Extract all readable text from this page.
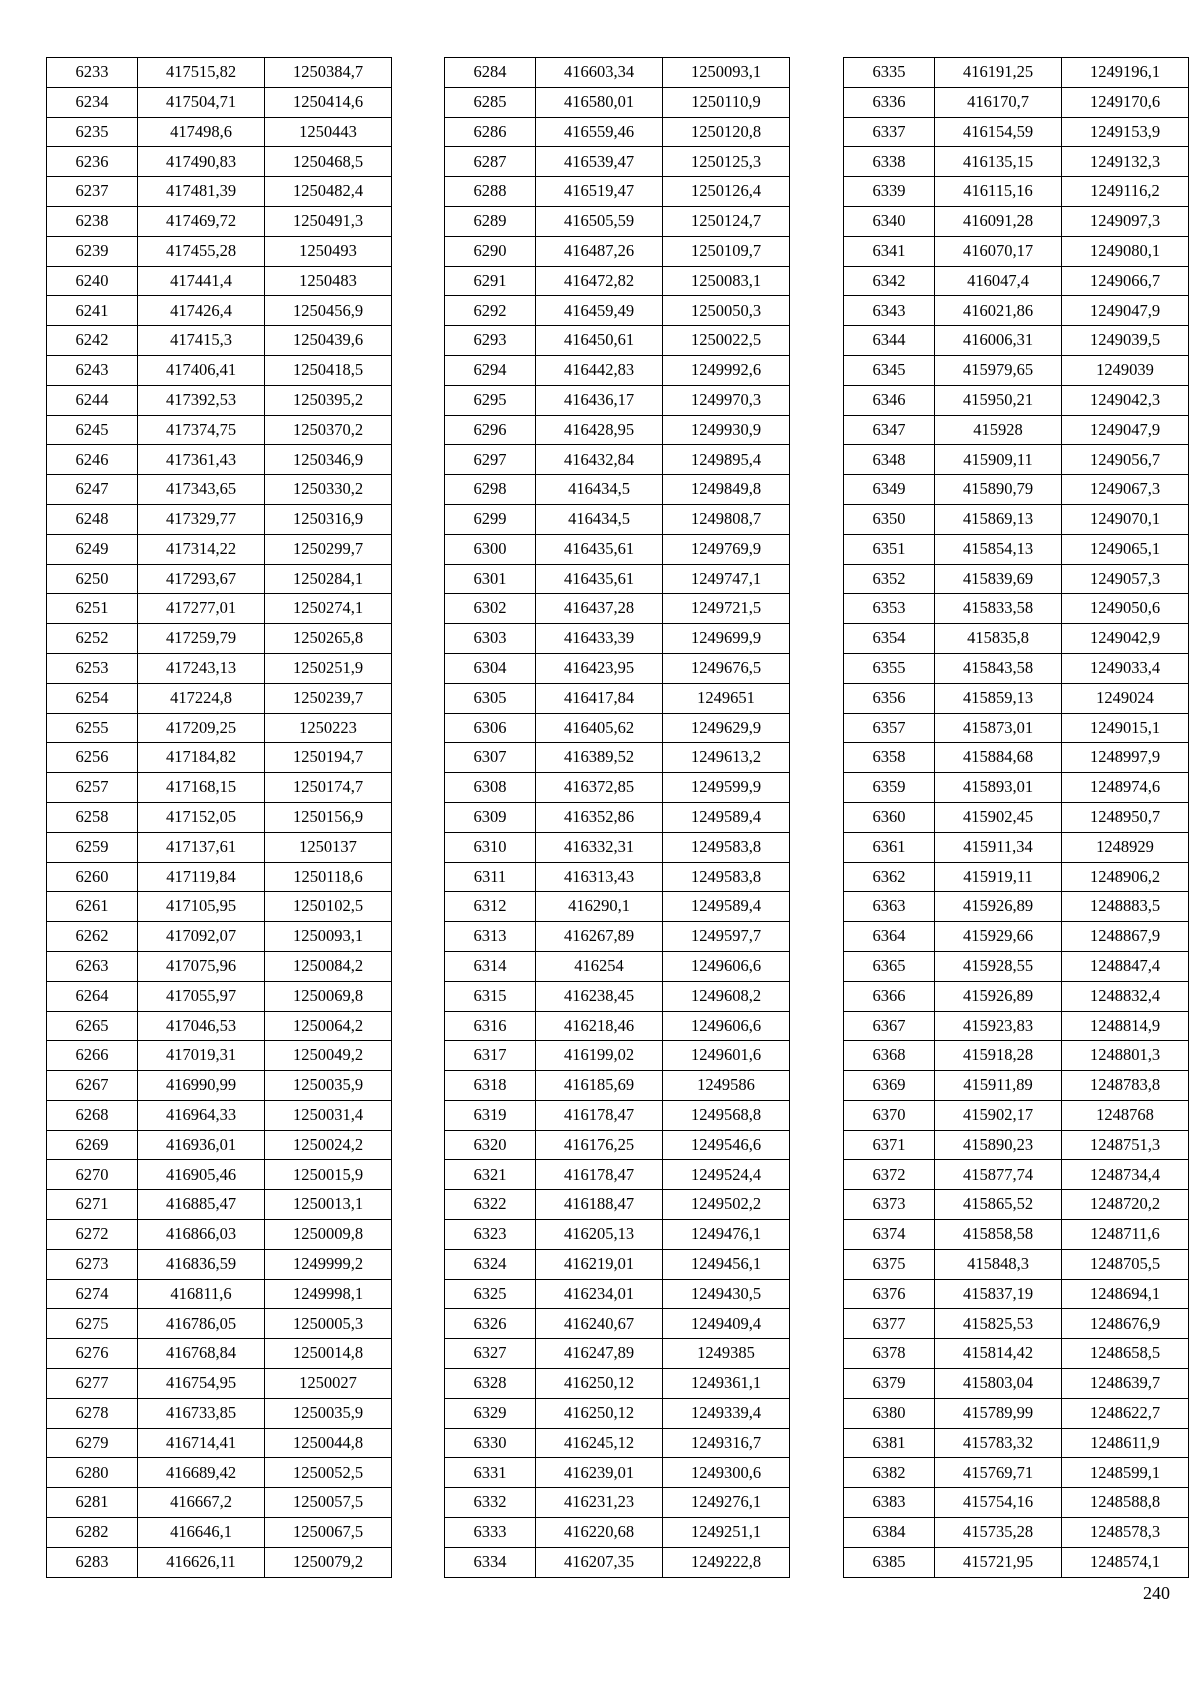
6233	417515,82	1250384,7
6234	417504,71	1250414,6
6235	417498,6	1250443
6236	417490,83	1250468,5
6237	417481,39	1250482,4
6238	417469,72	1250491,3
6239	417455,28	1250493
6240	417441,4	1250483
6241	417426,4	1250456,9
6242	417415,3	1250439,6
6243	417406,41	1250418,5
6244	417392,53	1250395,2
6245	417374,75	1250370,2
6246	417361,43	1250346,9
6247	417343,65	1250330,2
6248	417329,77	1250316,9
6249	417314,22	1250299,7
6250	417293,67	1250284,1
6251	417277,01	1250274,1
6252	417259,79	1250265,8
6253	417243,13	1250251,9
6254	417224,8	1250239,7
6255	417209,25	1250223
6256	417184,82	1250194,7
6257	417168,15	1250174,7
6258	417152,05	1250156,9
6259	417137,61	1250137
6260	417119,84	1250118,6
6261	417105,95	1250102,5
6262	417092,07	1250093,1
6263	417075,96	1250084,2
6264	417055,97	1250069,8
6265	417046,53	1250064,2
6266	417019,31	1250049,2
6267	416990,99	1250035,9
6268	416964,33	1250031,4
6269	416936,01	1250024,2
6270	416905,46	1250015,9
6271	416885,47	1250013,1
6272	416866,03	1250009,8
6273	416836,59	1249999,2
6274	416811,6	1249998,1
6275	416786,05	1250005,3
6276	416768,84	1250014,8
6277	416754,95	1250027
6278	416733,85	1250035,9
6279	416714,41	1250044,8
6280	416689,42	1250052,5
6281	416667,2	1250057,5
6282	416646,1	1250067,5
6283	416626,11	1250079,2
6284	416603,34	1250093,1
6285	416580,01	1250110,9
6286	416559,46	1250120,8
6287	416539,47	1250125,3
6288	416519,47	1250126,4
6289	416505,59	1250124,7
6290	416487,26	1250109,7
6291	416472,82	1250083,1
6292	416459,49	1250050,3
6293	416450,61	1250022,5
6294	416442,83	1249992,6
6295	416436,17	1249970,3
6296	416428,95	1249930,9
6297	416432,84	1249895,4
6298	416434,5	1249849,8
6299	416434,5	1249808,7
6300	416435,61	1249769,9
6301	416435,61	1249747,1
6302	416437,28	1249721,5
6303	416433,39	1249699,9
6304	416423,95	1249676,5
6305	416417,84	1249651
6306	416405,62	1249629,9
6307	416389,52	1249613,2
6308	416372,85	1249599,9
6309	416352,86	1249589,4
6310	416332,31	1249583,8
6311	416313,43	1249583,8
6312	416290,1	1249589,4
6313	416267,89	1249597,7
6314	416254	1249606,6
6315	416238,45	1249608,2
6316	416218,46	1249606,6
6317	416199,02	1249601,6
6318	416185,69	1249586
6319	416178,47	1249568,8
6320	416176,25	1249546,6
6321	416178,47	1249524,4
6322	416188,47	1249502,2
6323	416205,13	1249476,1
6324	416219,01	1249456,1
6325	416234,01	1249430,5
6326	416240,67	1249409,4
6327	416247,89	1249385
6328	416250,12	1249361,1
6329	416250,12	1249339,4
6330	416245,12	1249316,7
6331	416239,01	1249300,6
6332	416231,23	1249276,1
6333	416220,68	1249251,1
6334	416207,35	1249222,8
6335	416191,25	1249196,1
6336	416170,7	1249170,6
6337	416154,59	1249153,9
6338	416135,15	1249132,3
6339	416115,16	1249116,2
6340	416091,28	1249097,3
6341	416070,17	1249080,1
6342	416047,4	1249066,7
6343	416021,86	1249047,9
6344	416006,31	1249039,5
6345	415979,65	1249039
6346	415950,21	1249042,3
6347	415928	1249047,9
6348	415909,11	1249056,7
6349	415890,79	1249067,3
6350	415869,13	1249070,1
6351	415854,13	1249065,1
6352	415839,69	1249057,3
6353	415833,58	1249050,6
6354	415835,8	1249042,9
6355	415843,58	1249033,4
6356	415859,13	1249024
6357	415873,01	1249015,1
6358	415884,68	1248997,9
6359	415893,01	1248974,6
6360	415902,45	1248950,7
6361	415911,34	1248929
6362	415919,11	1248906,2
6363	415926,89	1248883,5
6364	415929,66	1248867,9
6365	415928,55	1248847,4
6366	415926,89	1248832,4
6367	415923,83	1248814,9
6368	415918,28	1248801,3
6369	415911,89	1248783,8
6370	415902,17	1248768
6371	415890,23	1248751,3
6372	415877,74	1248734,4
6373	415865,52	1248720,2
6374	415858,58	1248711,6
6375	415848,3	1248705,5
6376	415837,19	1248694,1
6377	415825,53	1248676,9
6378	415814,42	1248658,5
6379	415803,04	1248639,7
6380	415789,99	1248622,7
6381	415783,32	1248611,9
6382	415769,71	1248599,1
6383	415754,16	1248588,8
6384	415735,28	1248578,3
6385	415721,95	1248574,1
240
